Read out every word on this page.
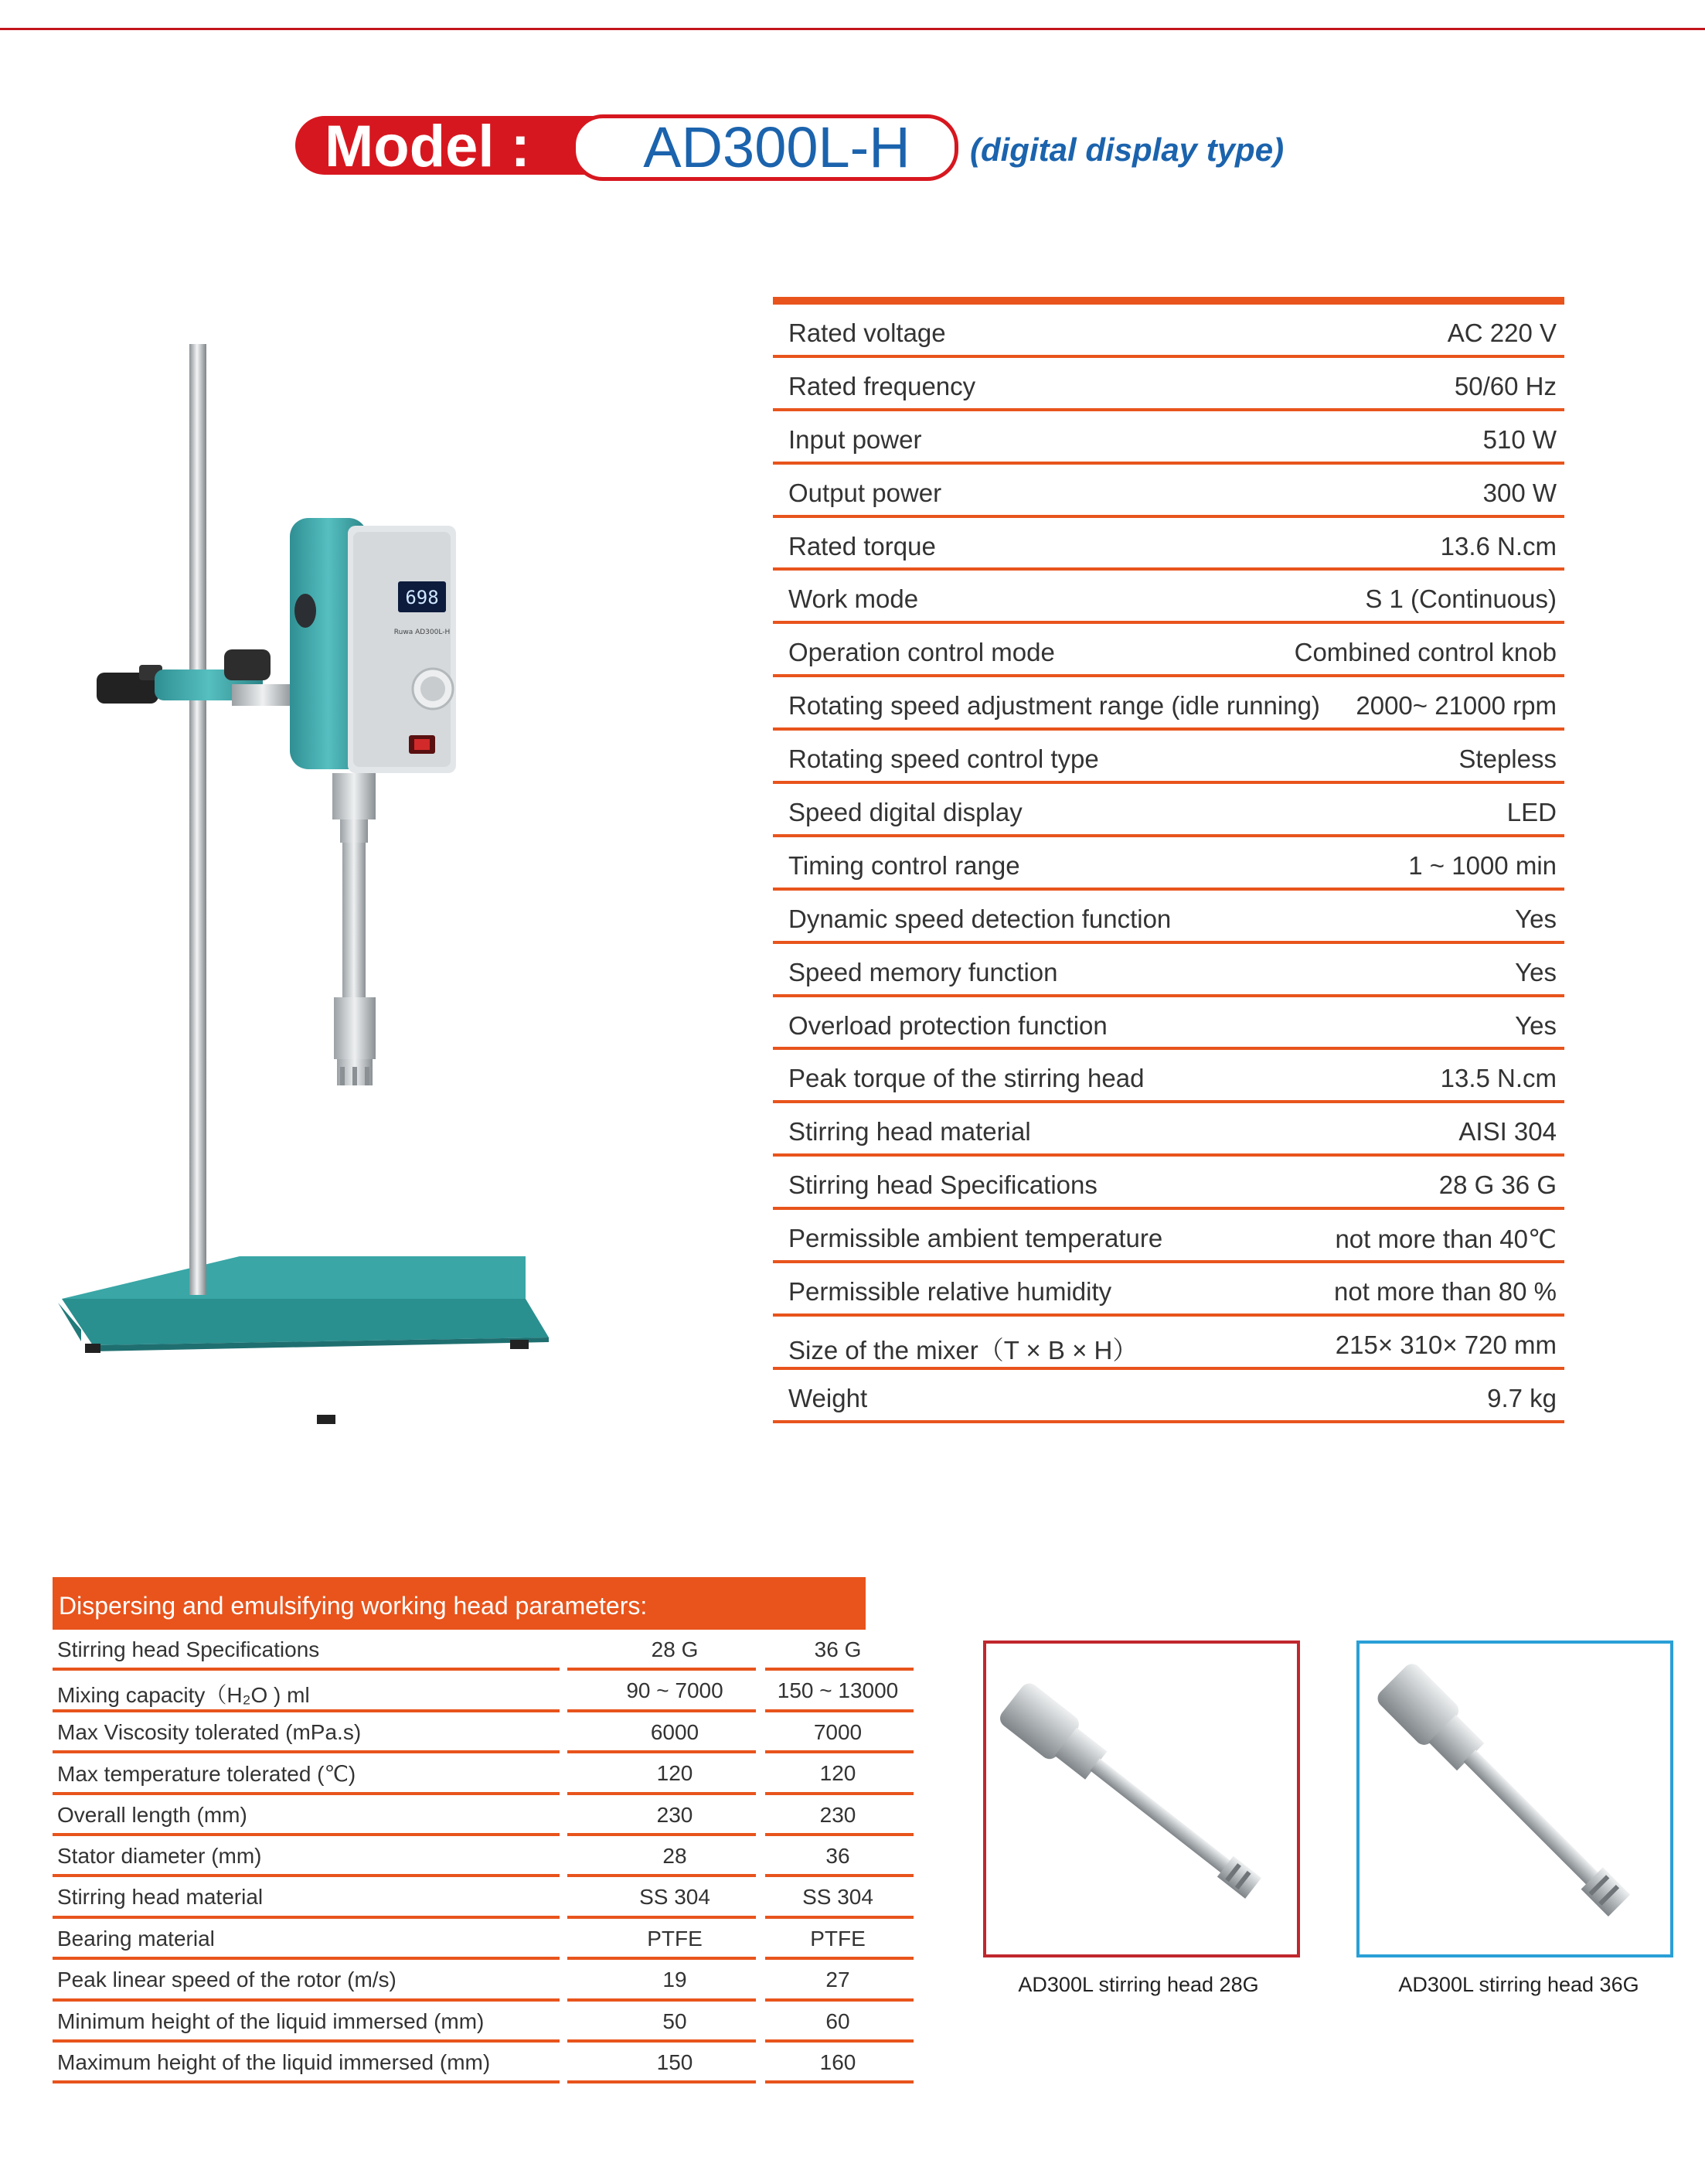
Model :	AD300L-H	(digital display type)
698
Ruwa AD300L-H
Rated voltage	AC 220 V
Rated frequency	50/60 Hz
Input power	510 W
Output power	300 W
Rated torque	13.6 N.cm
Work mode	S 1 (Continuous)
Operation control mode	Combined control knob
Rotating speed adjustment range (idle running) 2000~ 21000 rpm
Rotating speed control type	Stepless
Speed digital display	LED
Timing control range	1 ~ 1000 min
Dynamic speed detection function	Yes
Speed memory function	Yes
Overload protection function	Yes
Peak torque of the stirring head	13.5 N.cm
Stirring head material	AISI 304
Stirring head Specifications	28 G 36 G
Permissible ambient temperature	not more than 40℃
Permissible relative humidity	not more than 80 %
Size of the mixer（T × B × H）	215× 310× 720 mm
Weight	9.7 kg
Dispersing and emulsifying working head parameters:
Stirring head Specifications	28 G	36 G
Mixing capacity（H₂O ) ml	90 ~ 7000	150 ~ 13000
Max Viscosity tolerated (mPa.s)	6000	7000
Max temperature tolerated (℃)	120	120
Overall length (mm)	230	230
Stator diameter (mm)	28	36
Stirring head material	SS 304	SS 304
Bearing material	PTFE	PTFE
Peak linear speed of the rotor (m/s)	19	27
Minimum height of the liquid immersed (mm)	50	60
Maximum height of the liquid immersed (mm)	150	160
AD300L stirring head 28G	AD300L stirring head 36G
